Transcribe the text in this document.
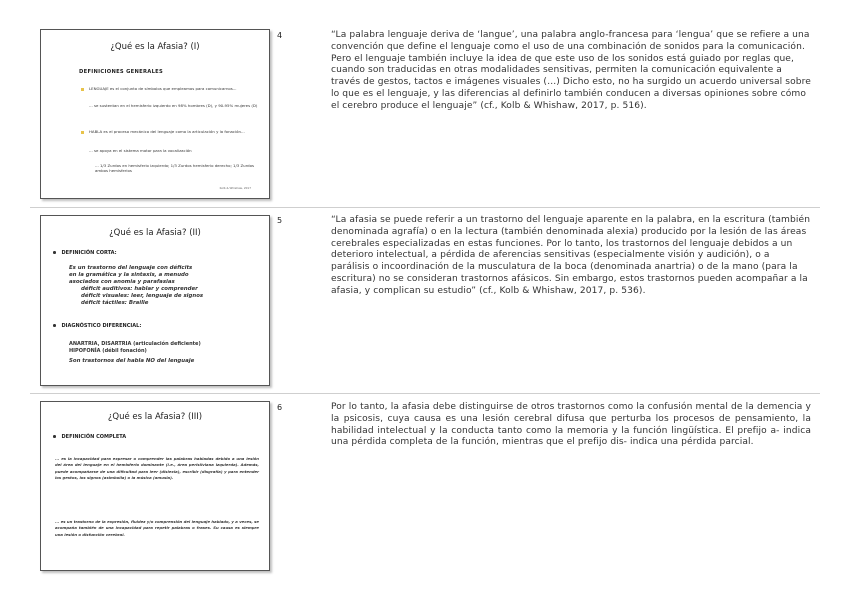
¿Qué es la Afasia? (I)
DEFINICIONES GENERALES
LENGUAJE es el conjunto de símbolos que empleamos para comunicarnos...
... se sustentan en el hemisferio izquierdo en 98% hombres (D), y 90-95% mujeres (D)
HABLA es el proceso mecánico del lenguaje como la articulación y la fonación...
... se apoya en el sistema motor para la vocalización
... 1/3 Zurdos en hemisferio izquierdo; 1/3 Zurdos hemisferio derecho; 1/3 Zurdos ambos hemisferios
Kolb & Whishaw, 2017
4	“La palabra lenguaje deriva de ‘langue’, una palabra anglo-francesa para ‘lengua’ que se refiere a una convención que define el lenguaje como el uso de una combinación de sonidos para la comunicación. Pero el lenguaje también incluye la idea de que este uso de los sonidos está guiado por reglas que, cuando son traducidas en otras modalidades sensitivas, permiten la comunicación equivalente a través de gestos, tactos e imágenes visuales (…) Dicho esto, no ha surgido un acuerdo universal sobre lo que es el lenguaje, y las diferencias al definirlo también conducen a diversas opiniones sobre cómo el cerebro produce el lenguaje” (cf., Kolb & Whishaw, 2017, p. 516).
¿Qué es la Afasia? (II)
DEFINICIÓN CORTA:
Es un trastorno del lenguaje con déficits
en la gramática y la sintaxis, a menudo
asociados con anomia y parafasias
déficit auditivos: hablar y comprender
déficit visuales: leer, lenguaje de signos
déficit táctiles: Braille
DIAGNÓSTICO DIFERENCIAL:
ANARTRIA, DISARTRIA (articulación deficiente)
HIPOFONÍA (débil fonación)
Son trastornos del habla NO del lenguaje
5	“La afasia se puede referir a un trastorno del lenguaje aparente en la palabra, en la escritura (también denominada agrafía) o en la lectura (también denominada alexia) producido por la lesión de las áreas cerebrales especializadas en estas funciones. Por lo tanto, los trastornos del lenguaje debidos a un deterioro intelectual, a pérdida de aferencias sensitivas (especialmente visión y audición), o a parálisis o incoordinación de la musculatura de la boca (denominada anartria) o de la mano (para la escritura) no se consideran trastornos afásicos. Sin embargo, estos trastornos pueden acompañar a la afasia, y complican su estudio” (cf., Kolb & Whishaw, 2017, p. 536).
¿Qué es la Afasia? (III)
DEFINICIÓN COMPLETA
... es la incapacidad para expresar o comprender las palabras habladas debido a una lesión del área del lenguaje en el hemisferio dominante (i.e., área perisilviana izquierda). Además, puede acompañarse de una dificultad para leer (dislexia), escribir (disgrafía) y para entender los gestos, los signos (asimbolia) o la música (amusia).
... es un trastorno de la expresión, fluidez y/o comprensión del lenguaje hablado, y a veces, se acompaña también de una incapacidad para repetir palabras o frases. Su causa es siempre una lesión o disfunción cerebral.
6	Por lo tanto, la afasia debe distinguirse de otros trastornos como la confusión mental de la demencia y la psicosis, cuya causa es una lesión cerebral difusa que perturba los procesos de pensamiento, la habilidad intelectual y la conducta tanto como la memoria y la función lingüística. El prefijo a- indica una pérdida completa de la función, mientras que el prefijo dis- indica una pérdida parcial.
